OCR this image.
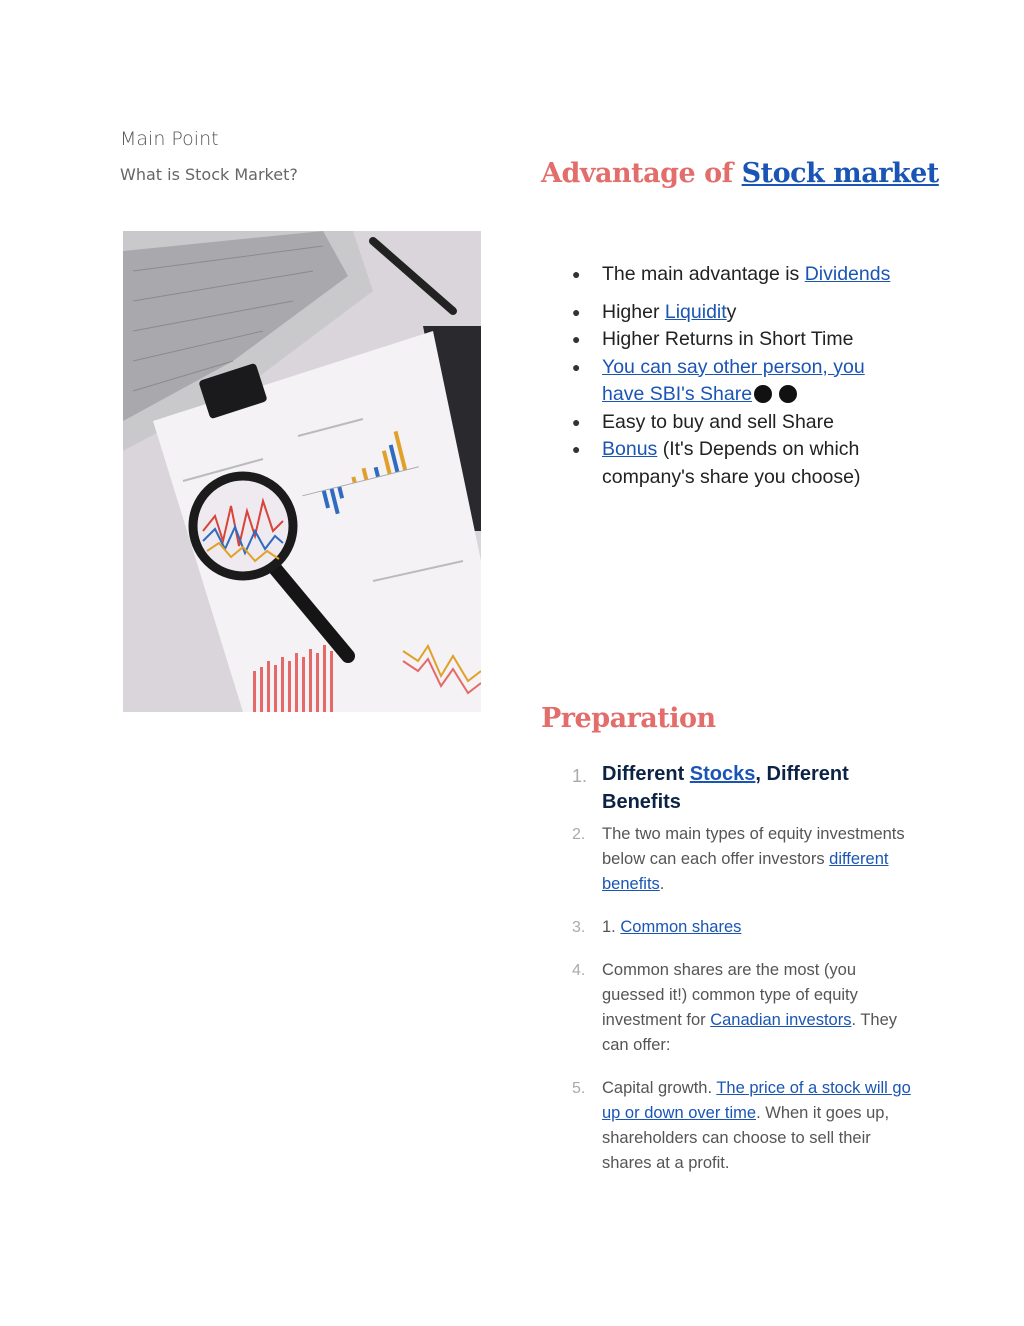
Main Point
What is Stock Market?	Advantage of Stock market
● The main advantage is Dividends
● Higher Liquidity
● Higher Returns in Short Time
● You can say other person, you have SBI's Share
● Easy to buy and sell Share
● Bonus (It's Depends on which company's share you choose)
Preparation
1. Different Stocks, Different Benefits
2. The two main types of equity investments below can each offer investors different benefits.
3. 1. Common shares
4. Common shares are the most (you guessed it!) common type of equity investment for Canadian investors. They can offer:
5. Capital growth. The price of a stock will go up or down over time. When it goes up, shareholders can choose to sell their shares at a profit.
